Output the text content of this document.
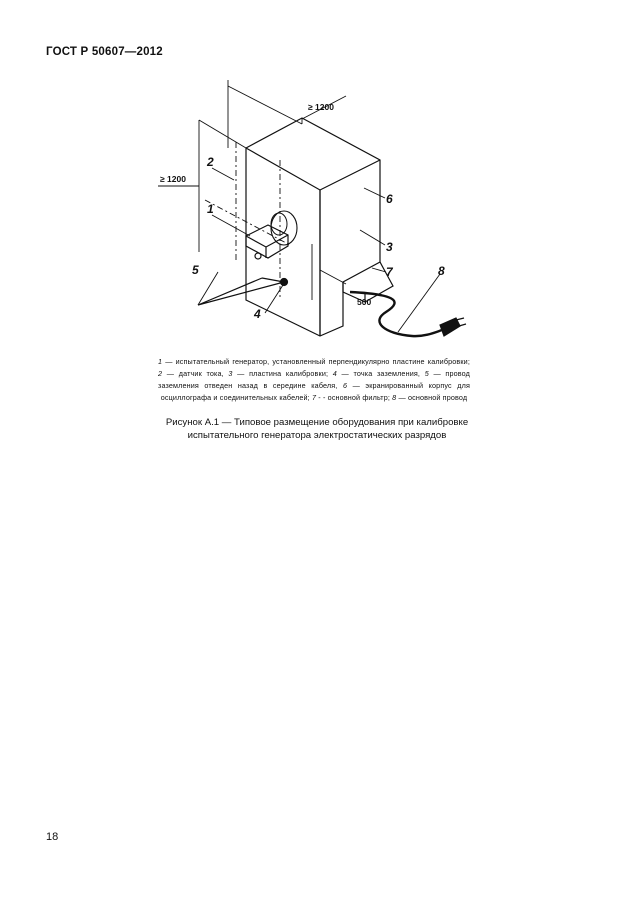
ГОСТ Р 50607—2012
2
1
3
4
5
6
7	8
≥ 1200
≥ 1200
500
1 — испытательный генератор, установленный перпендикулярно пластине калибровки; 2 — датчик тока, 3 — пластина калибровки; 4 — точка заземления, 5 — провод заземления отведен назад в середине кабеля, 6 — экранированный корпус для осциллографа и соединительных кабелей; 7 - - основной фильтр; 8 — основной провод
Рисунок А.1 — Типовое размещение оборудования при калибровке испытательного генератора электростатических разрядов
18
